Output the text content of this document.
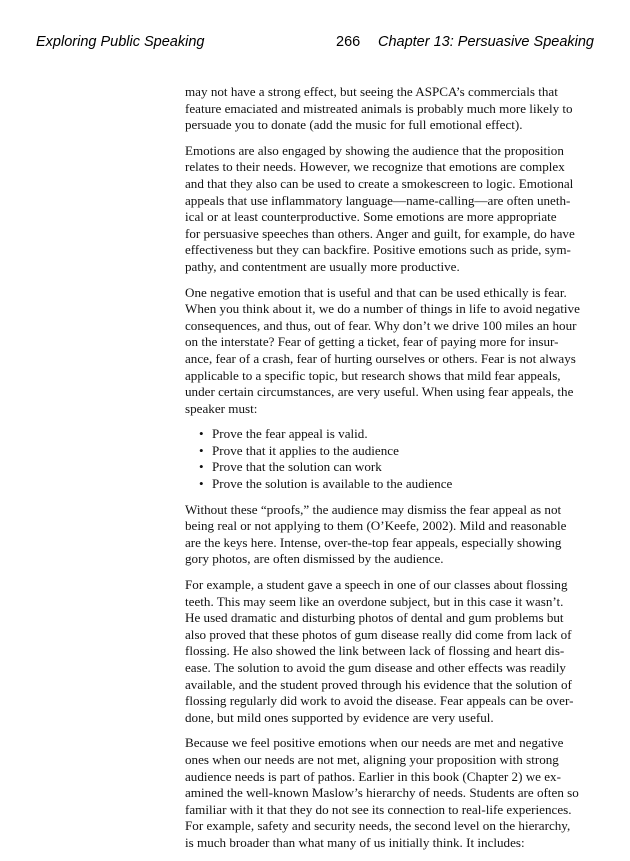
Exploring Public Speaking	266 Chapter 13: Persuasive Speaking

may not have a strong effect, but seeing the ASPCA’s commercials that
feature emaciated and mistreated animals is probably much more likely to
persuade you to donate (add the music for full emotional effect).

Emotions are also engaged by showing the audience that the proposition
relates to their needs. However, we recognize that emotions are complex
and that they also can be used to create a smokescreen to logic. Emotional
appeals that use inflammatory language—name-calling—are often uneth-
ical or at least counterproductive. Some emotions are more appropriate
for persuasive speeches than others. Anger and guilt, for example, do have
effectiveness but they can backfire. Positive emotions such as pride, sym-
pathy, and contentment are usually more productive.

One negative emotion that is useful and that can be used ethically is fear.
When you think about it, we do a number of things in life to avoid negative
consequences, and thus, out of fear. Why don’t we drive 100 miles an hour
on the interstate? Fear of getting a ticket, fear of paying more for insur-
ance, fear of a crash, fear of hurting ourselves or others. Fear is not always
applicable to a specific topic, but research shows that mild fear appeals,
under certain circumstances, are very useful. When using fear appeals, the
speaker must:

• Prove the fear appeal is valid.
• Prove that it applies to the audience
• Prove that the solution can work
• Prove the solution is available to the audience

Without these “proofs,” the audience may dismiss the fear appeal as not
being real or not applying to them (O’Keefe, 2002). Mild and reasonable
are the keys here. Intense, over-the-top fear appeals, especially showing
gory photos, are often dismissed by the audience.

For example, a student gave a speech in one of our classes about flossing
teeth. This may seem like an overdone subject, but in this case it wasn’t.
He used dramatic and disturbing photos of dental and gum problems but
also proved that these photos of gum disease really did come from lack of
flossing. He also showed the link between lack of flossing and heart dis-
ease. The solution to avoid the gum disease and other effects was readily
available, and the student proved through his evidence that the solution of
flossing regularly did work to avoid the disease. Fear appeals can be over-
done, but mild ones supported by evidence are very useful.

Because we feel positive emotions when our needs are met and negative
ones when our needs are not met, aligning your proposition with strong
audience needs is part of pathos. Earlier in this book (Chapter 2) we ex-
amined the well-known Maslow’s hierarchy of needs. Students are often so
familiar with it that they do not see its connection to real-life experiences.
For example, safety and security needs, the second level on the hierarchy,
is much broader than what many of us initially think. It includes:
